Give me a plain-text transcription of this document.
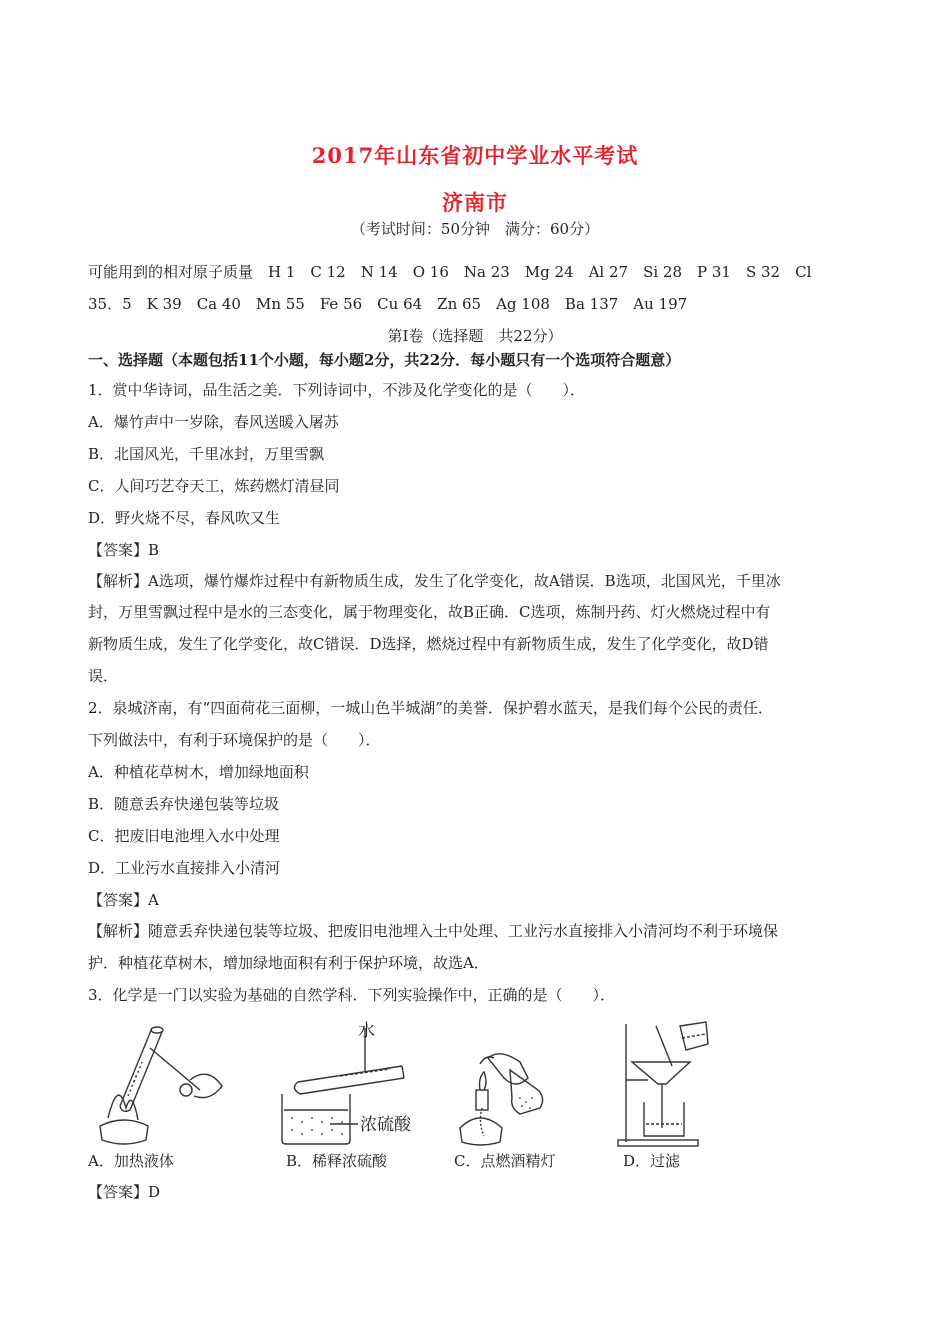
2017年山东省初中学业水平考试
济南市
（考试时间：50分钟　满分：60分）
可能用到的相对原子质量　H 1　C 12　N 14　O 16　Na 23　Mg 24　Al 27　Si 28　P 31　S 32　Cl
35．5　K 39　Ca 40　Mn 55　Fe 56　Cu 64　Zn 65　Ag 108　Ba 137　Au 197
第Ⅰ卷（选择题　共22分）
一、选择题（本题包括11个小题，每小题2分，共22分．每小题只有一个选项符合题意）
1．赏中华诗词，品生活之美．下列诗词中，不涉及化学变化的是（　　）．
A．爆竹声中一岁除，春风送暖入屠苏
B．北国风光，千里冰封，万里雪飘
C．人间巧艺夺天工，炼药燃灯清昼同
D．野火烧不尽，春风吹又生
【答案】B
【解析】A选项，爆竹爆炸过程中有新物质生成，发生了化学变化，故A错误．B选项，北国风光，千里冰
封，万里雪飘过程中是水的三态变化，属于物理变化，故B正确．C选项，炼制丹药、灯火燃烧过程中有
新物质生成，发生了化学变化，故C错误．D选择，燃烧过程中有新物质生成，发生了化学变化，故D错
误．
2．泉城济南，有“四面荷花三面柳，一城山色半城湖”的美誉．保护碧水蓝天，是我们每个公民的责任．
下列做法中，有利于环境保护的是（　　）．
A．种植花草树木，增加绿地面积
B．随意丢弃快递包装等垃圾
C．把废旧电池埋入水中处理
D．工业污水直接排入小清河
【答案】A
【解析】随意丢弃快递包装等垃圾、把废旧电池埋入土中处理、工业污水直接排入小清河均不利于环境保
护．种植花草树木，增加绿地面积有利于保护环境，故选A．
3．化学是一门以实验为基础的自然学科．下列实验操作中，正确的是（　　）．
水
浓硫酸
A．加热液体	B．稀释浓硫酸	C．点燃酒精灯	D．过滤
【答案】D
